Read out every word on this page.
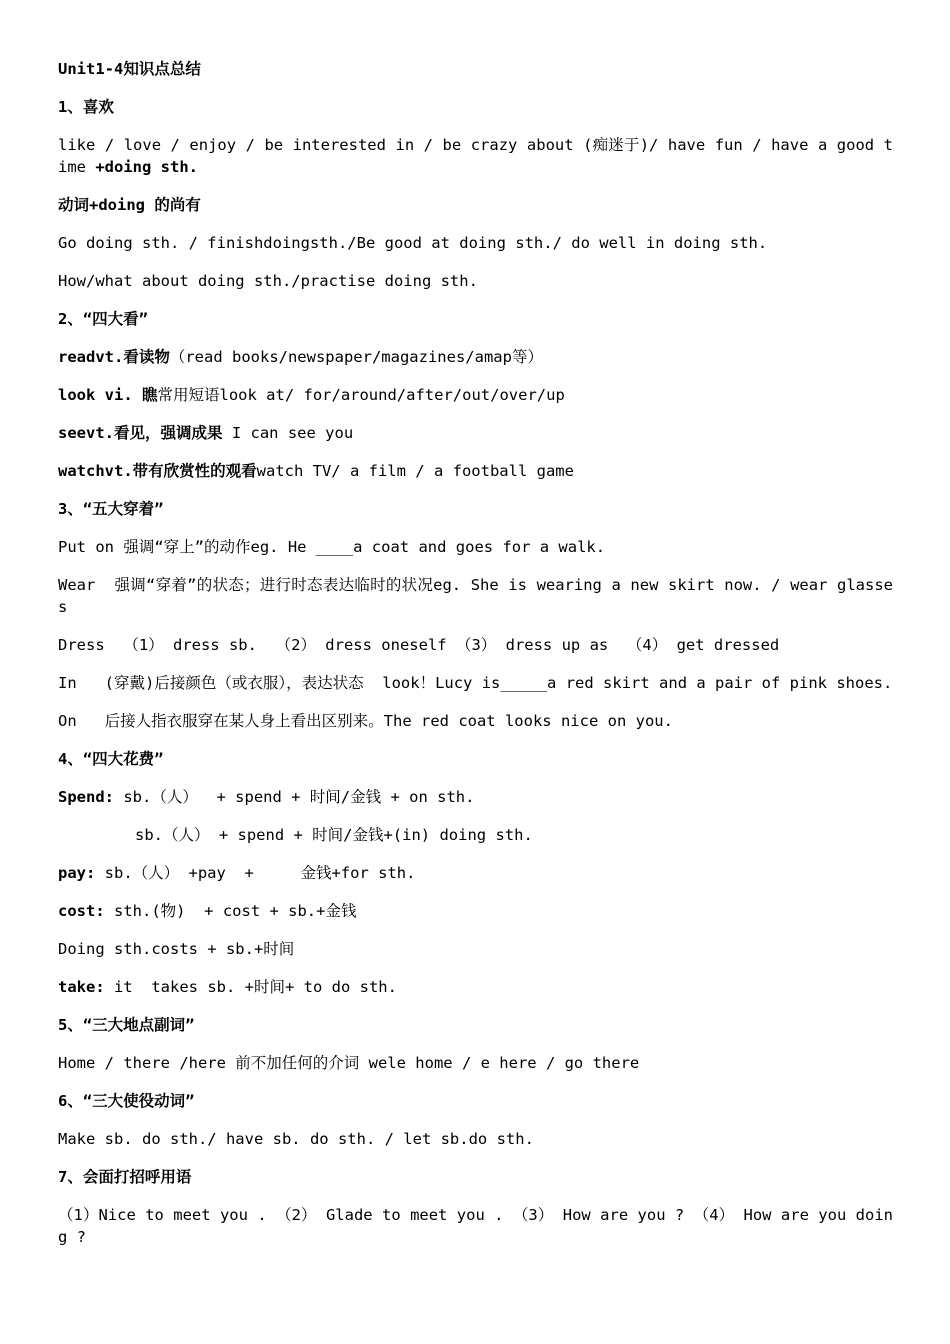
Unit1-4知识点总结

1、喜欢

like / love / enjoy / be interested in / be crazy about (痴迷于)/ have fun / have a good time +doing sth.

动词+doing 的尚有

Go doing sth. / finishdoingsth./Be good at doing sth./ do well in doing sth.

How/what about doing sth./practise doing sth.

2、“四大看”

readvt.看读物（read books/newspaper/magazines/amap等）

look vi. 瞧常用短语look at/ for/around/after/out/over/up

seevt.看见，强调成果 I can see you

watchvt.带有欣赏性的观看watch TV/ a film / a football game

3、“五大穿着”

Put on 强调“穿上”的动作eg. He ____a coat and goes for a walk.

Wear  强调“穿着”的状态；进行时态表达临时的状况eg. She is wearing a new skirt now. / wear glasses

Dress  （1） dress sb.  （2） dress oneself （3） dress up as  （4） get dressed

In   (穿戴)后接颜色（或衣服），表达状态  look！Lucy is_____a red skirt and a pair of pink shoes.

On   后接人指衣服穿在某人身上看出区别来。The red coat looks nice on you.

4、“四大花费”

Spend: sb.（人）  + spend + 时间/金钱 + on sth.

sb.（人） + spend + 时间/金钱+(in) doing sth.

pay: sb.（人） +pay  +     金钱+for sth.

cost: sth.(物)  + cost + sb.+金钱

Doing sth.costs + sb.+时间

take: it  takes sb. +时间+ to do sth.

5、“三大地点副词”

Home / there /here 前不加任何的介词 wele home / e here / go there

6、“三大使役动词”

Make sb. do sth./ have sb. do sth. / let sb.do sth.

7、会面打招呼用语

（1）Nice to meet you . （2） Glade to meet you . （3） How are you ? （4） How are you doing ?
